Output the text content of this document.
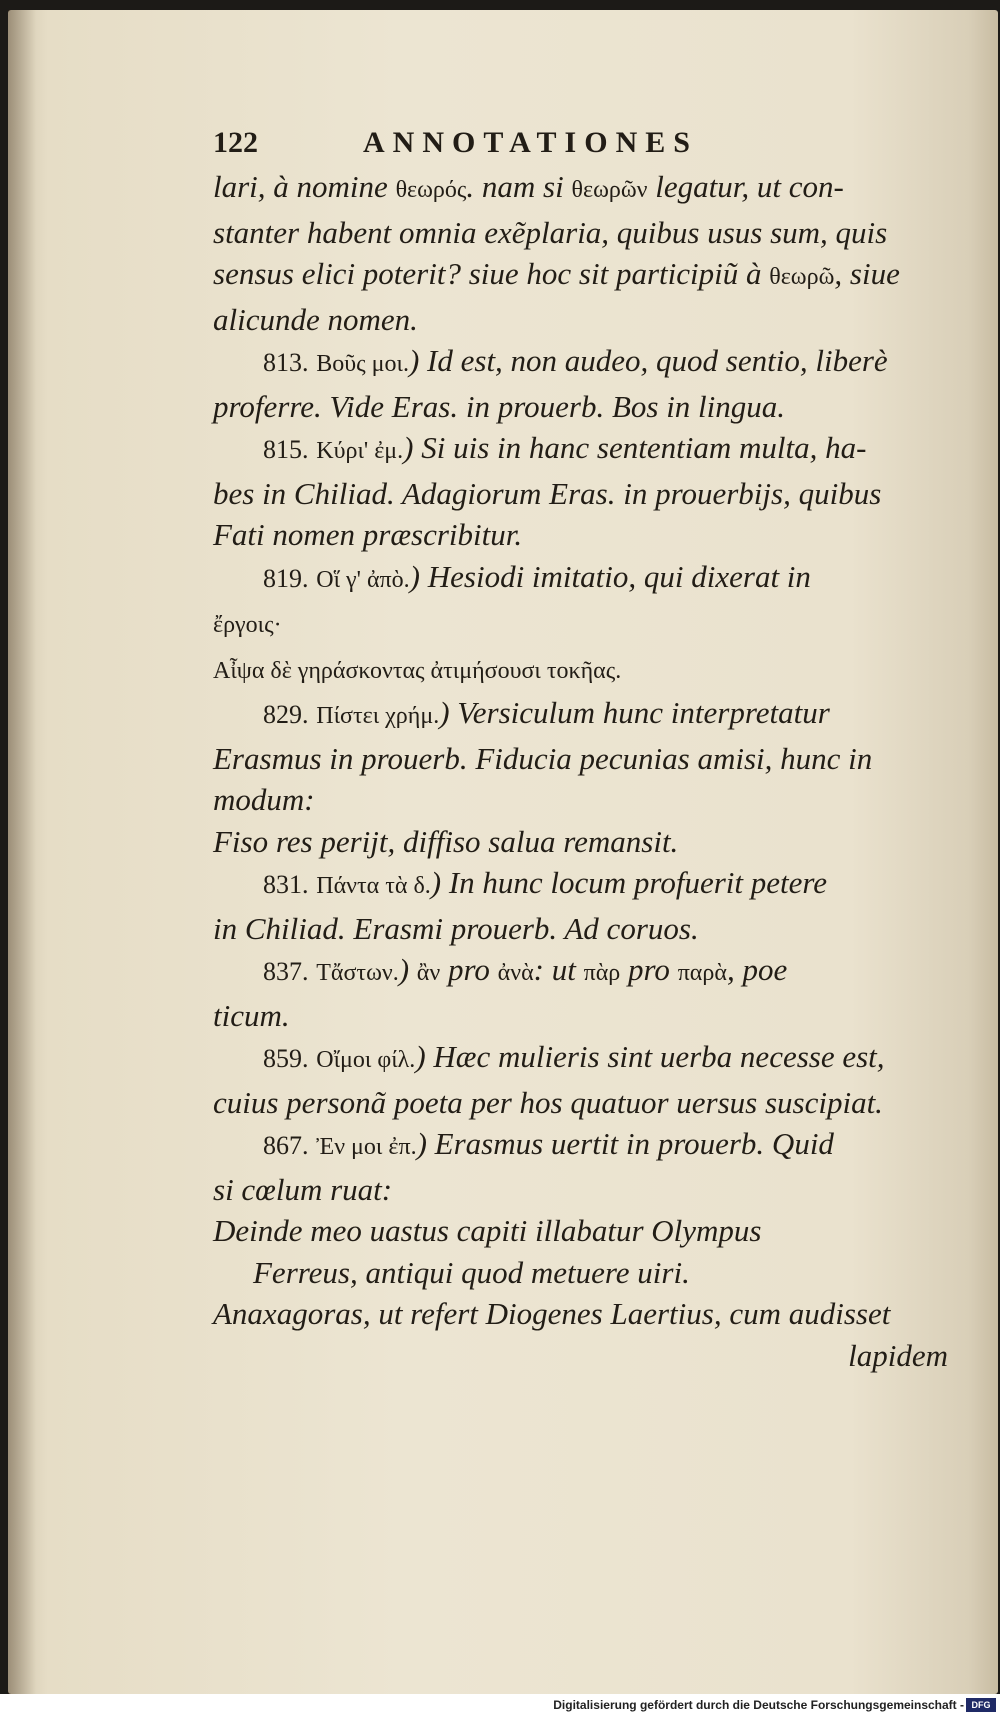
122	ANNOTATIONES
lari, à nomine θεωρός. nam si θεωρῶν legatur, ut con-
stanter habent omnia exẽplaria, quibus usus sum, quis
sensus elici poterit? siue hoc sit participiũ à θεωρῶ, siue
alicunde nomen.
813. Βοῦς μοι.) Id est, non audeo, quod sentio, liberè
proferre. Vide Eras. in prouerb. Bos in lingua.
815. Κύρι' ἐμ.) Si uis in hanc sententiam multa, ha-
bes in Chiliad. Adagiorum Eras. in prouerbijs, quibus
Fati nomen præscribitur.
819. Οἵ γ' ἀπὸ.) Hesiodi imitatio, qui dixerat in
ἔργοις·
Αἶψα δὲ γηράσκοντας ἀτιμήσουσι τοκῆας.
829. Πίστει χρήμ.) Versiculum hunc interpretatur
Erasmus in prouerb. Fiducia pecunias amisi, hunc in
modum:
Fiso res perijt, diffiso salua remansit.
831. Πάντα τὰ δ.) In hunc locum profuerit petere
in Chiliad. Erasmi prouerb. Ad coruos.
837. Τἄστων.) ἂν pro ἀνὰ: ut πὰρ pro παρὰ, poe
ticum.
859. Οἴμοι φίλ.) Hæc mulieris sint uerba necesse est,
cuius personã poeta per hos quatuor uersus suscipiat.
867. Ἐν μοι ἐπ.) Erasmus uertit in prouerb. Quid
si cœlum ruat:
Deinde meo uastus capiti illabatur Olympus
Ferreus, antiqui quod metuere uiri.
Anaxagoras, ut refert Diogenes Laertius, cum audisset
lapidem
Digitalisierung gefördert durch die Deutsche Forschungsgemeinschaft - DFG
